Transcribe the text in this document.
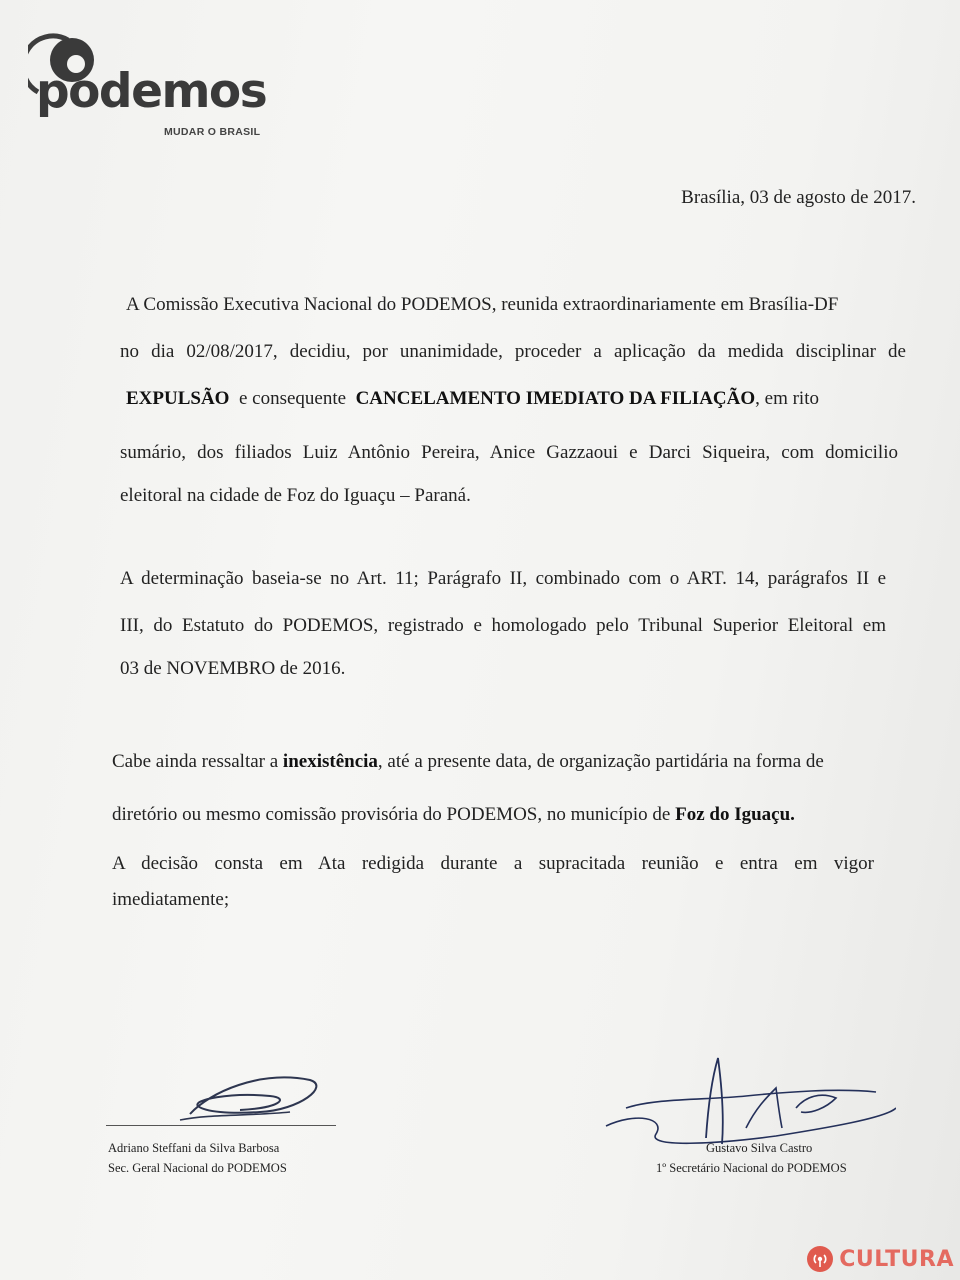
podemos
MUDAR O BRASIL
Brasília, 03 de agosto de 2017.
A Comissão Executiva Nacional do PODEMOS, reunida extraordinariamente em Brasília-DF
no dia 02/08/2017, decidiu, por unanimidade, proceder a aplicação da medida disciplinar de
EXPULSÃO e consequente CANCELAMENTO IMEDIATO DA FILIAÇÃO, em rito
sumário, dos filiados Luiz Antônio Pereira, Anice Gazzaoui e Darci Siqueira, com domicilio
eleitoral na cidade de Foz do Iguaçu – Paraná.
A determinação baseia-se no Art. 11; Parágrafo II, combinado com o ART. 14, parágrafos II e
III, do Estatuto do PODEMOS, registrado e homologado pelo Tribunal Superior Eleitoral em
03 de NOVEMBRO de 2016.
Cabe ainda ressaltar a inexistência, até a presente data, de organização partidária na forma de
diretório ou mesmo comissão provisória do PODEMOS, no município de Foz do Iguaçu.
A decisão consta em Ata redigida durante a supracitada reunião e entra em vigor
imediatamente;
Adriano Steffani da Silva Barbosa
Sec. Geral Nacional do PODEMOS
Gustavo Silva Castro
1º Secretário Nacional do PODEMOS
CULTURA
